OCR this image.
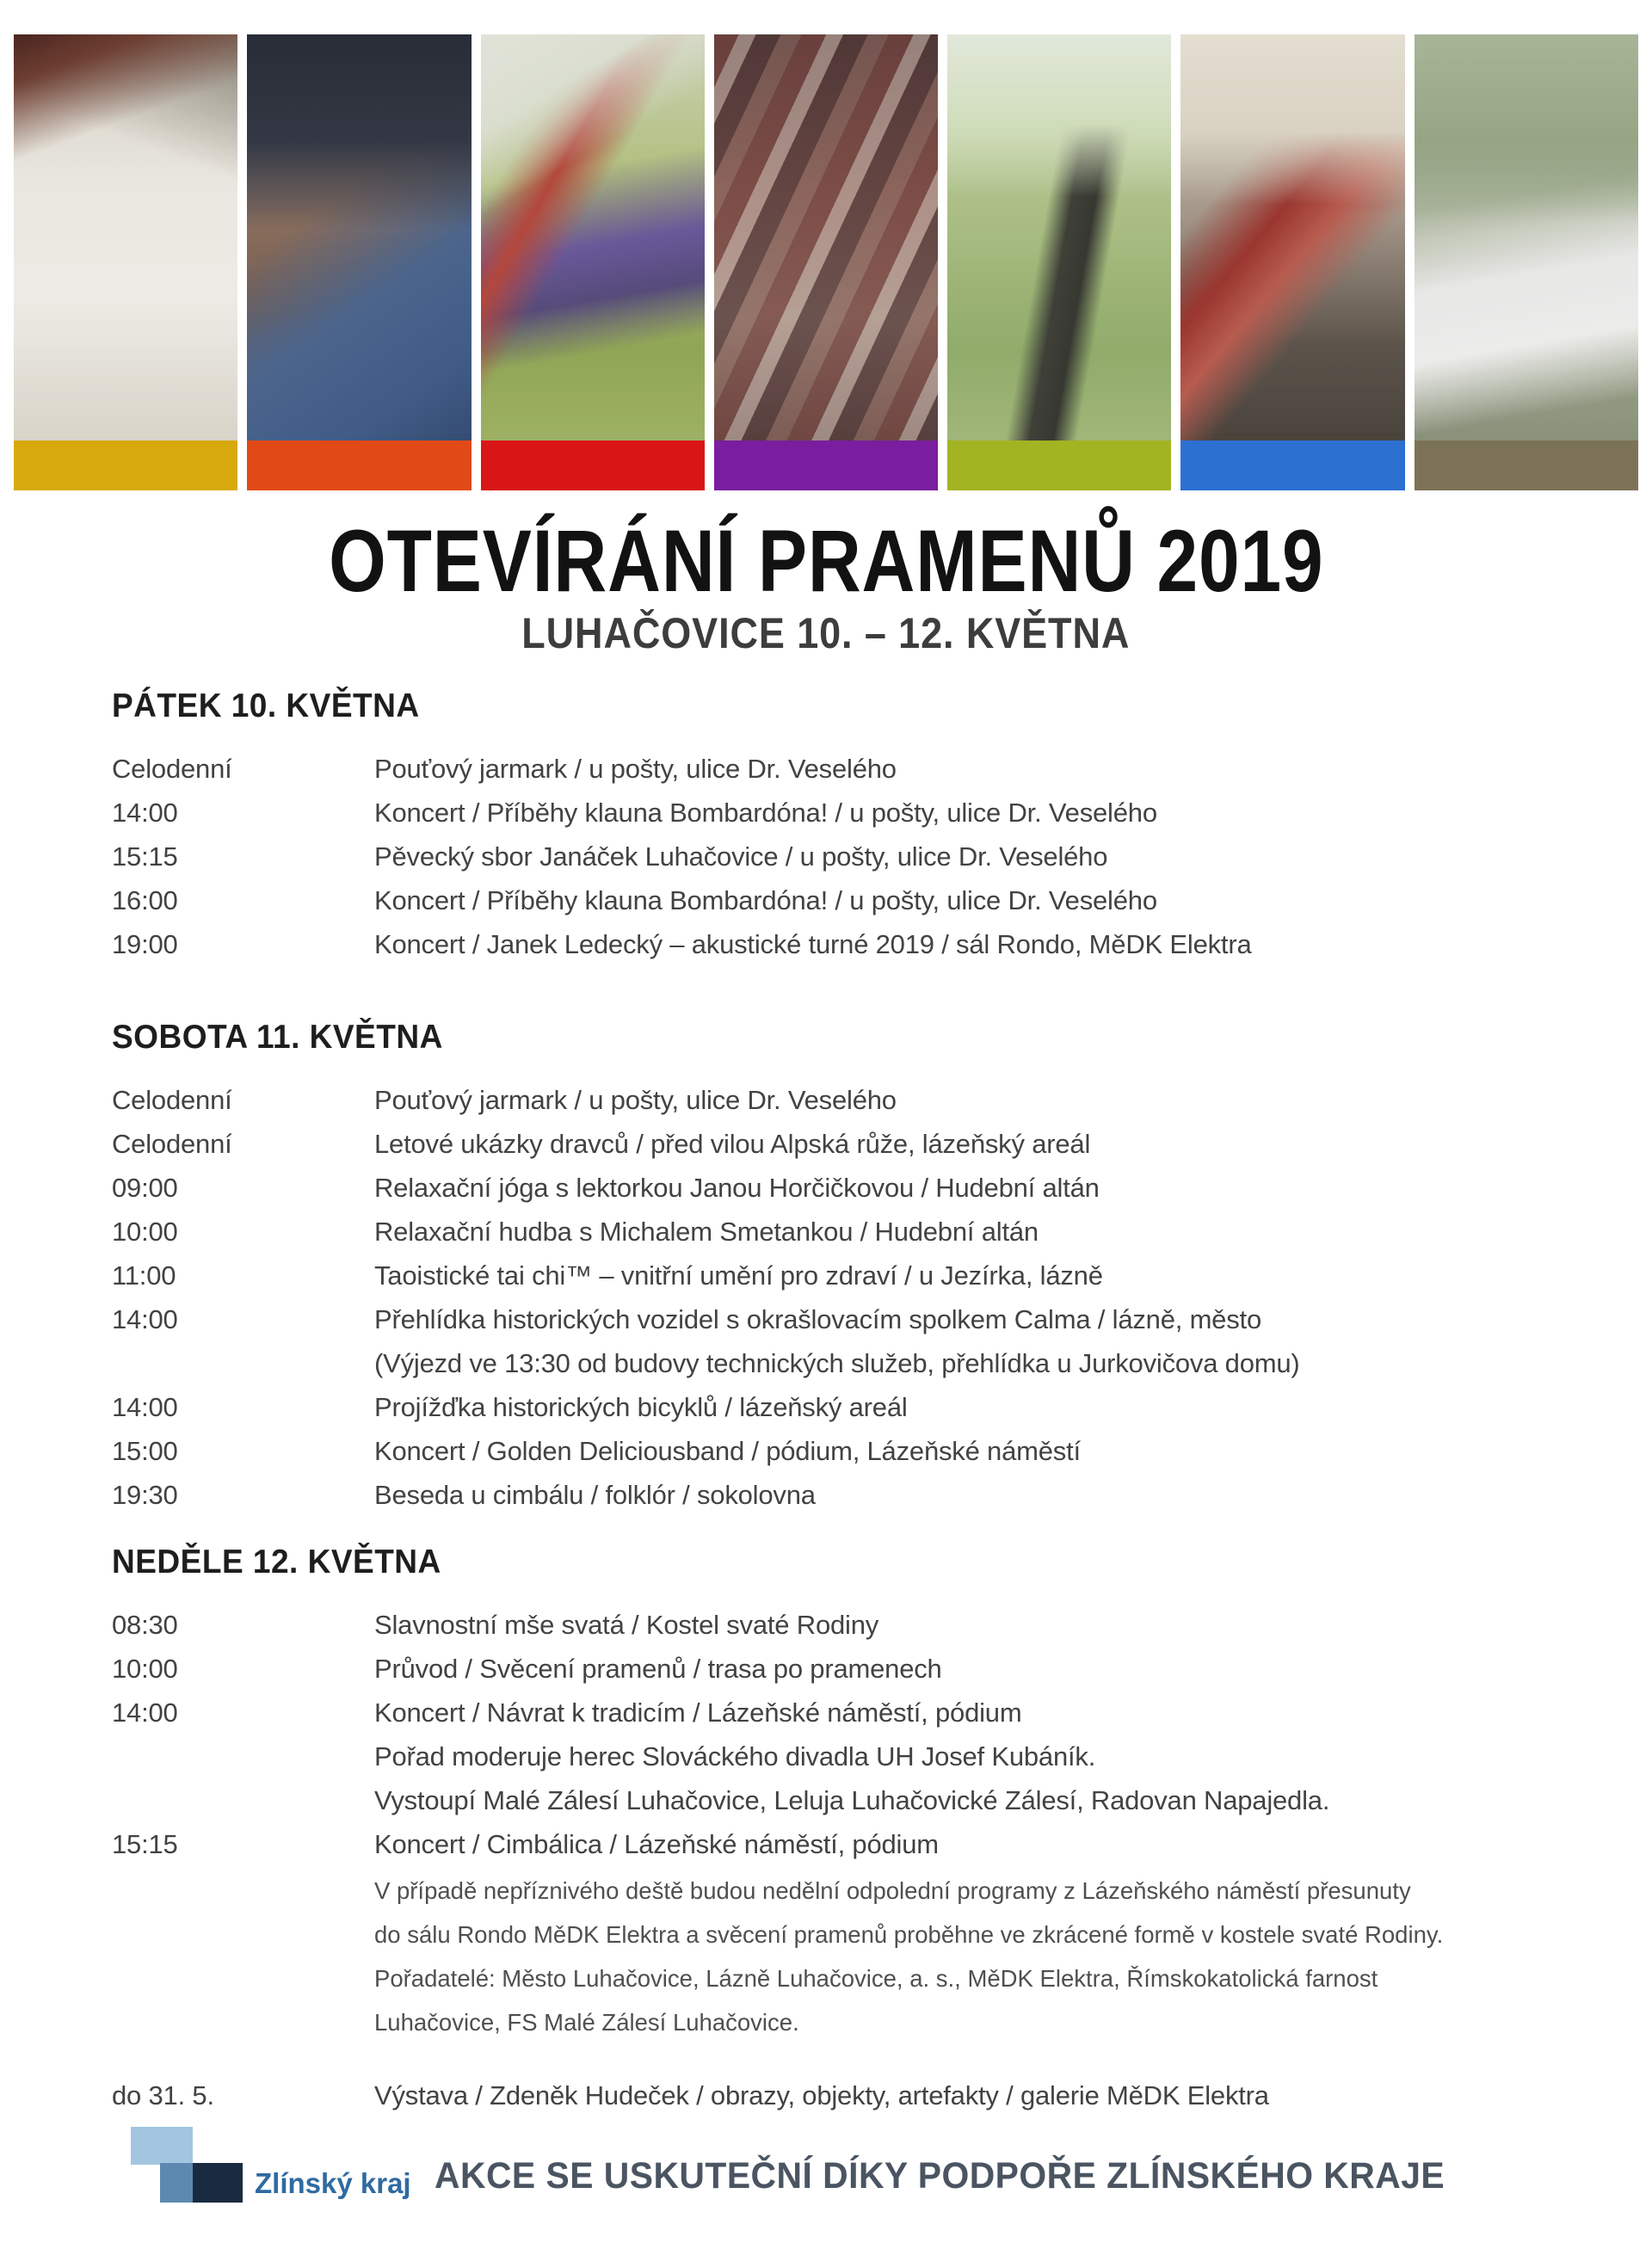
OTEVÍRÁNÍ PRAMENŮ 2019
LUHAČOVICE 10. – 12. KVĚTNA
PÁTEK 10. KVĚTNA
Celodenní	Pouťový jarmark / u pošty, ulice Dr. Veselého
14:00	Koncert / Příběhy klauna Bombardóna! / u pošty, ulice Dr. Veselého
15:15	Pěvecký sbor Janáček Luhačovice / u pošty, ulice Dr. Veselého
16:00	Koncert / Příběhy klauna Bombardóna! / u pošty, ulice Dr. Veselého
19:00	Koncert / Janek Ledecký – akustické turné 2019 / sál Rondo, MěDK Elektra
SOBOTA 11. KVĚTNA
Celodenní	Pouťový jarmark / u pošty, ulice Dr. Veselého
Celodenní	Letové ukázky dravců / před vilou Alpská růže, lázeňský areál
09:00	Relaxační jóga s lektorkou Janou Horčičkovou / Hudební altán
10:00	Relaxační hudba s Michalem Smetankou / Hudební altán
11:00	Taoistické tai chi™ – vnitřní umění pro zdraví / u Jezírka, lázně
14:00	Přehlídka historických vozidel s okrašlovacím spolkem Calma / lázně, město
(Výjezd ve 13:30 od budovy technických služeb, přehlídka u Jurkovičova domu)
14:00	Projížďka historických bicyklů / lázeňský areál
15:00	Koncert / Golden Deliciousband / pódium, Lázeňské náměstí
19:30	Beseda u cimbálu / folklór / sokolovna
NEDĚLE 12. KVĚTNA
08:30	Slavnostní mše svatá / Kostel svaté Rodiny
10:00	Průvod / Svěcení pramenů / trasa po pramenech
14:00	Koncert / Návrat k tradicím / Lázeňské náměstí, pódium
Pořad moderuje herec Slováckého divadla UH Josef Kubáník.
Vystoupí Malé Zálesí Luhačovice, Leluja Luhačovické Zálesí, Radovan Napajedla.
15:15	Koncert / Cimbálica / Lázeňské náměstí, pódium
V případě nepříznivého deště budou nedělní odpolední programy z Lázeňského náměstí přesunuty
do sálu Rondo MěDK Elektra a svěcení pramenů proběhne ve zkrácené formě v kostele svaté Rodiny.
Pořadatelé: Město Luhačovice, Lázně Luhačovice, a. s., MěDK Elektra, Římskokatolická farnost
Luhačovice, FS Malé Zálesí Luhačovice.
do 31. 5.	Výstava / Zdeněk Hudeček / obrazy, objekty, artefakty / galerie MěDK Elektra
Zlínský kraj AKCE SE USKUTEČNÍ DÍKY PODPOŘE ZLÍNSKÉHO KRAJE
